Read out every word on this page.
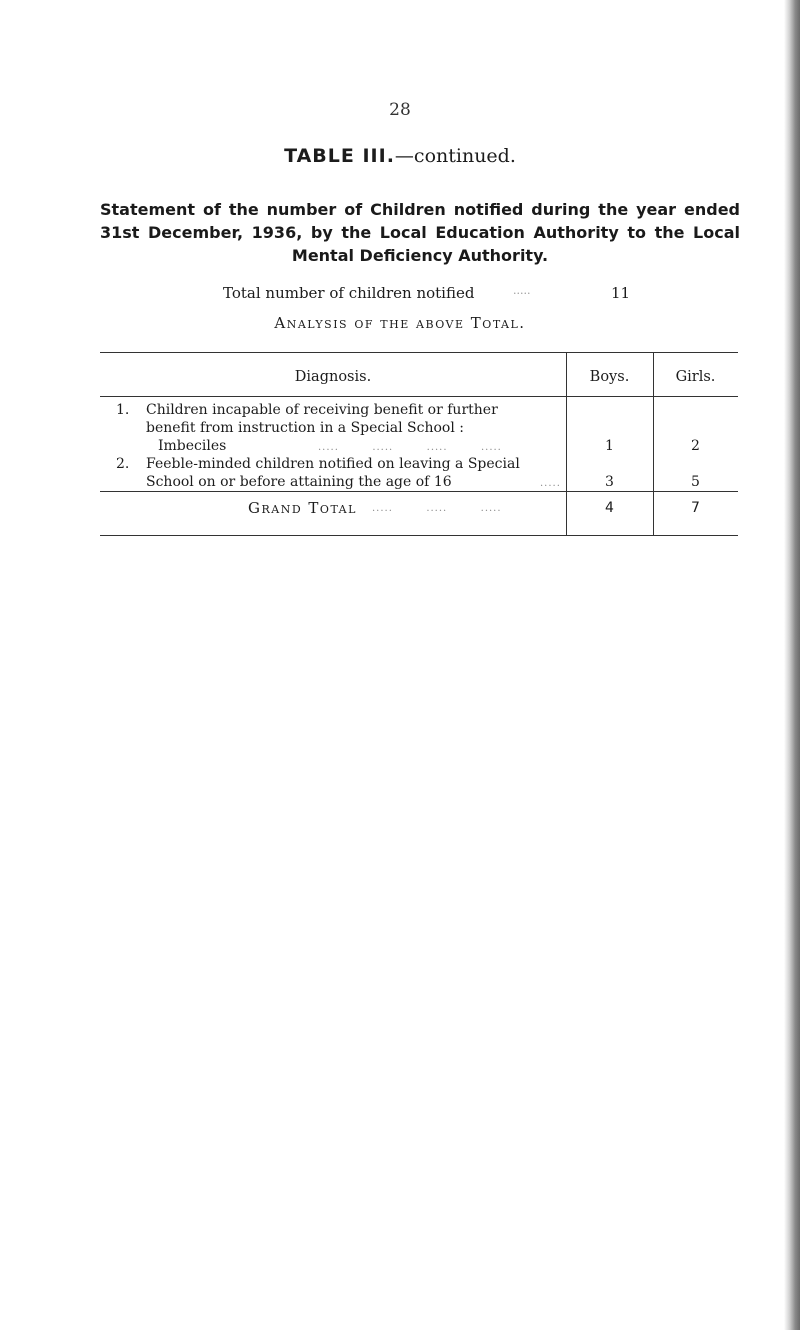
28
TABLE III.—continued.
Statement of the number of Children notified during the year ended
31st December, 1936, by the Local Education Authority to the Local
Mental Deficiency Authority.
Total number of children notified	.....	11
Analysis of the above Total.
Diagnosis.	Boys.	Girls.
1. Children incapable of receiving benefit or further
benefit from instruction in a Special School :
Imbeciles	.....        .....        .....        .....	1	2
2. Feeble-minded children notified on leaving a Special
School on or before attaining the age of 16	.....	3	5
Grand Total .....        .....        .....	4	7
